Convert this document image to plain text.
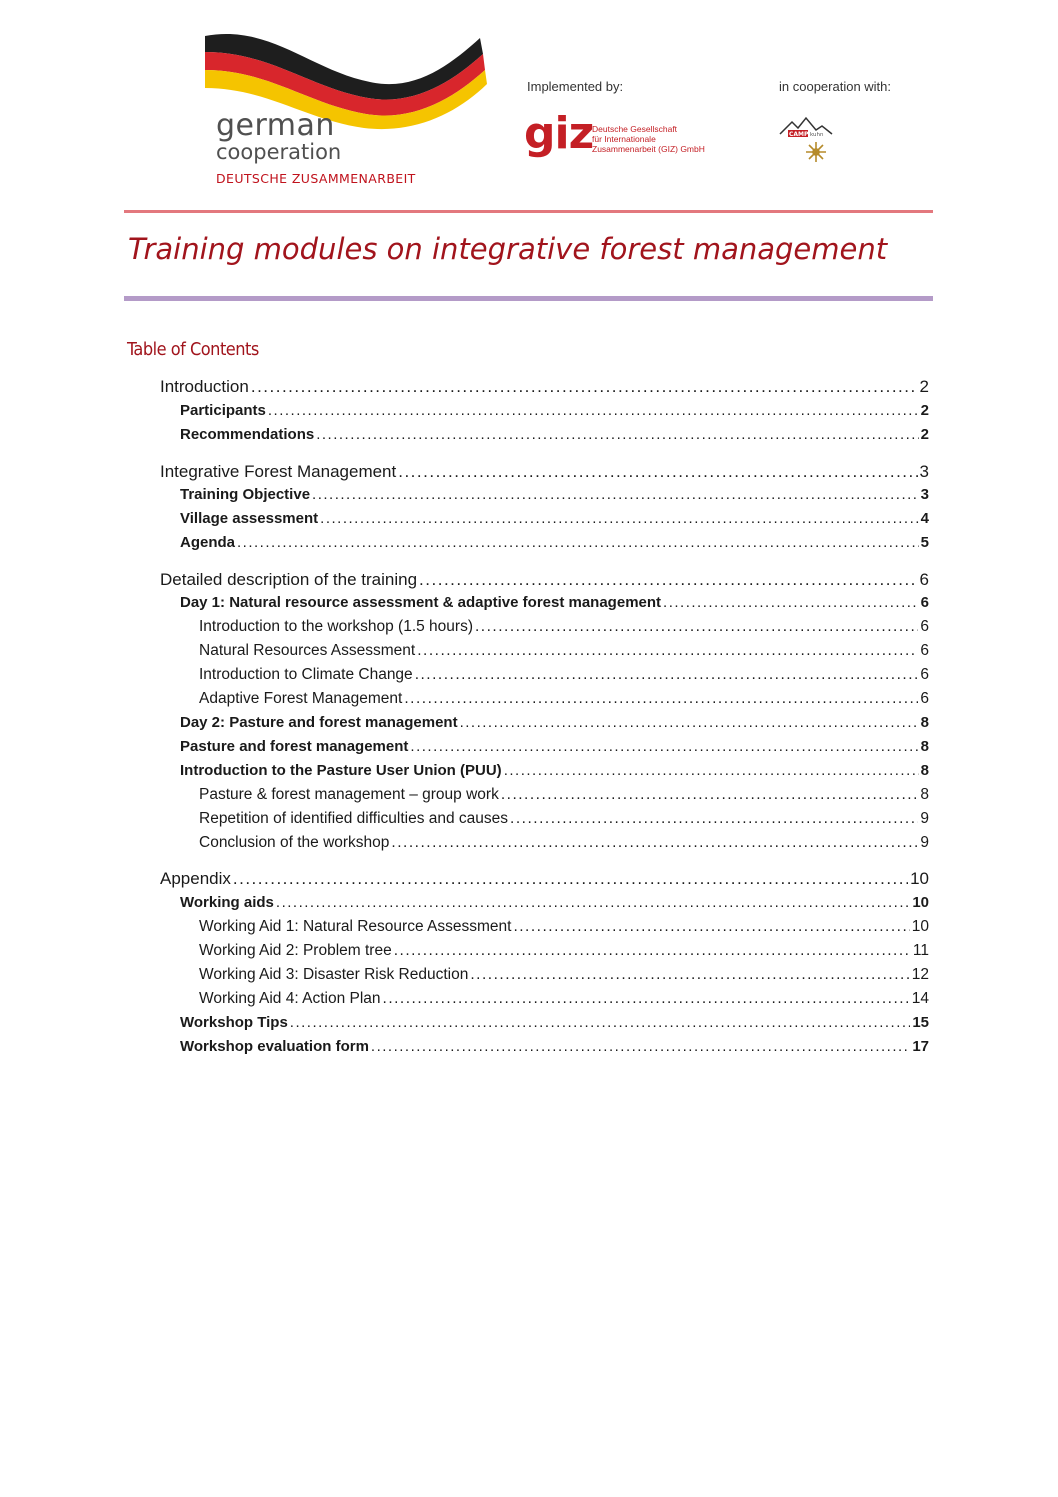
german
cooperation
DEUTSCHE ZUSAMMENARBEIT
Implemented by:
giz
Deutsche Gesellschaft
für Internationale
Zusammenarbeit (GIZ) GmbH
in cooperation with:
CAMP kuhn
Training modules on integrative forest management
Table of Contents
Introduction .....	2
Participants .....	2
Recommendations .....	2
Integrative Forest Management .....	3
Training Objective .....	3
Village assessment .....	4
Agenda .....	5
Detailed description of the training .....	6
Day 1: Natural resource assessment & adaptive forest management .....	6
Introduction to the workshop (1.5 hours) .....	6
Natural Resources Assessment .....	6
Introduction to Climate Change .....	6
Adaptive Forest Management .....	6
Day 2: Pasture and forest management .....	8
Pasture and forest management .....	8
Introduction to the Pasture User Union (PUU) .....	8
Pasture & forest management – group work .....	8
Repetition of identified difficulties and causes .....	9
Conclusion of the workshop .....	9
Appendix .....	10
Working aids .....	10
Working Aid 1: Natural Resource Assessment .....	10
Working Aid 2: Problem tree .....	11
Working Aid 3: Disaster Risk Reduction .....	12
Working Aid 4: Action Plan .....	14
Workshop Tips .....	15
Workshop evaluation form .....	17
